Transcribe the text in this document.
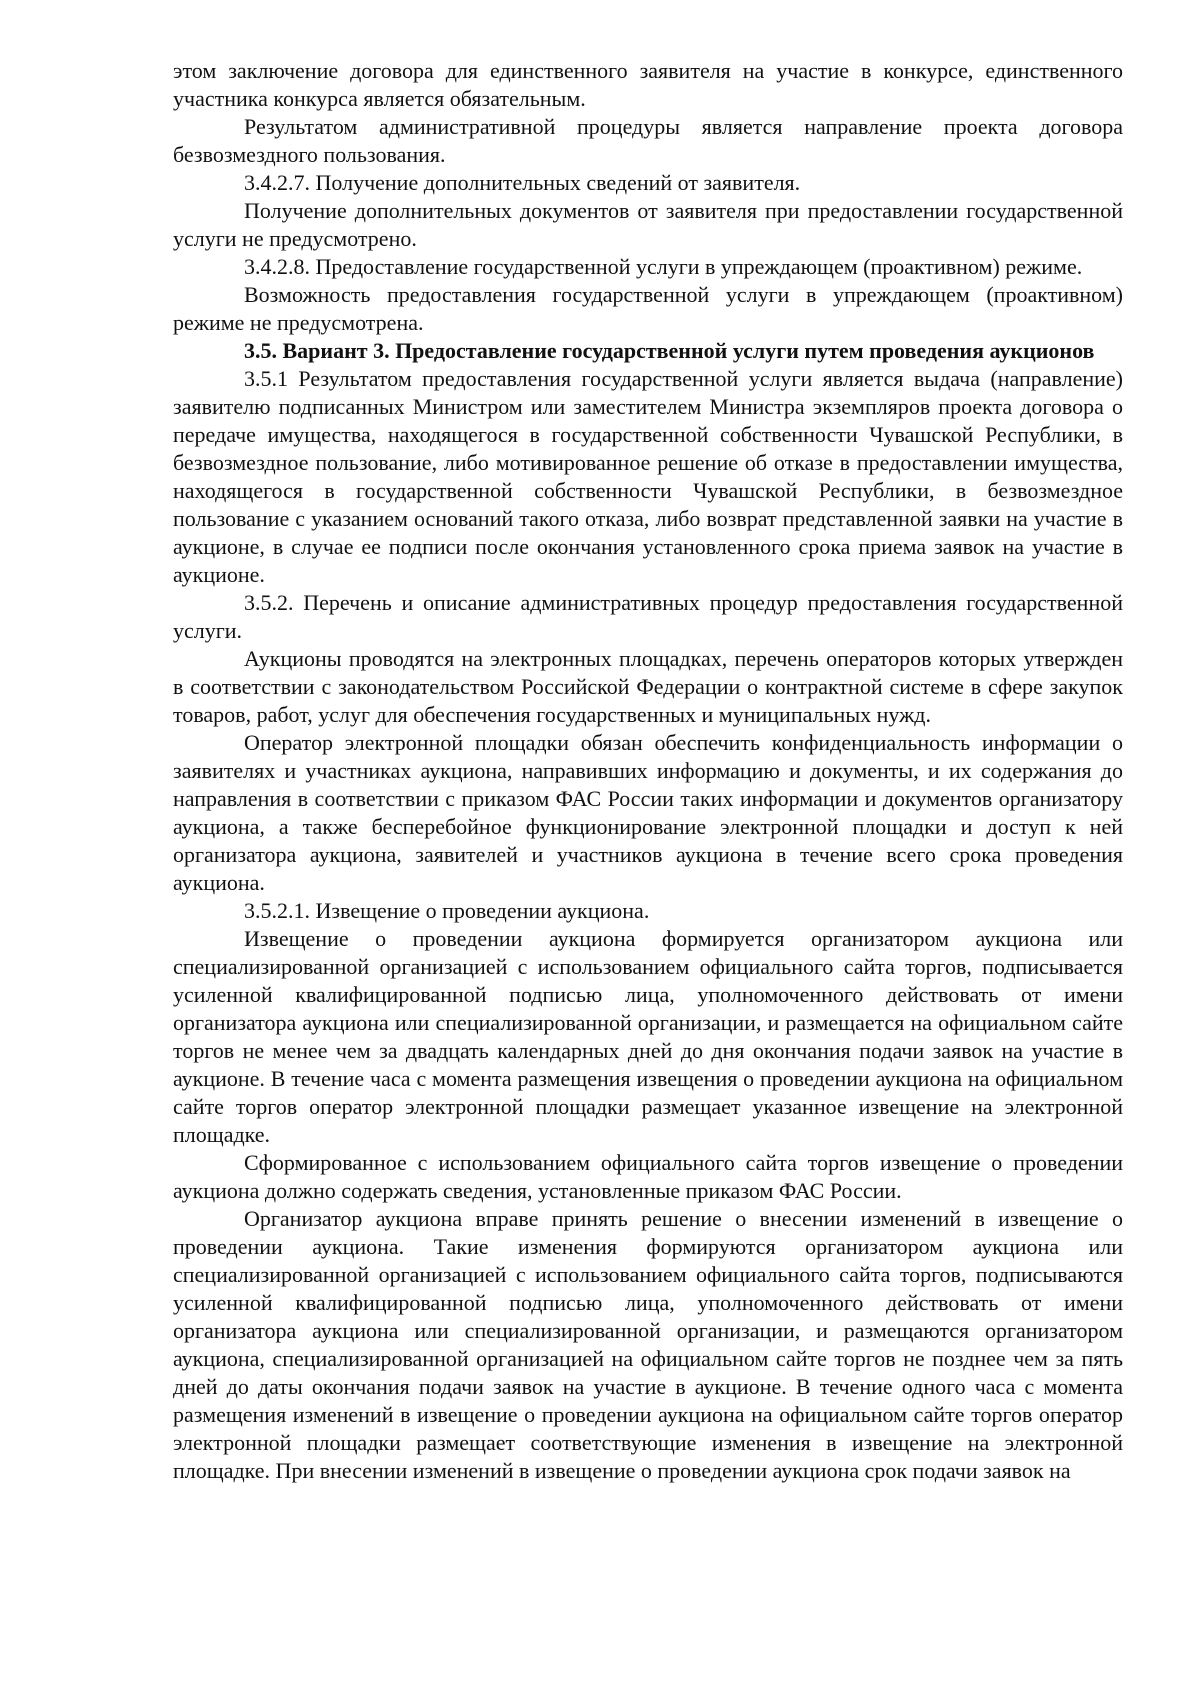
этом заключение договора для единственного заявителя на участие в конкурсе, единственного участника конкурса является обязательным.

Результатом административной процедуры является направление проекта договора безвозмездного пользования.

3.4.2.7. Получение дополнительных сведений от заявителя.

Получение дополнительных документов от заявителя при предоставлении государственной услуги не предусмотрено.

3.4.2.8. Предоставление государственной услуги в упреждающем (проактивном) режиме.

Возможность предоставления государственной услуги в упреждающем (проактивном) режиме не предусмотрена.

3.5. Вариант 3. Предоставление государственной услуги путем проведения аукционов

3.5.1 Результатом предоставления государственной услуги является выдача (направление) заявителю подписанных Министром или заместителем Министра экземпляров проекта договора о передаче имущества, находящегося в государственной собственности Чувашской Республики, в безвозмездное пользование, либо мотивированное решение об отказе в предоставлении имущества, находящегося в государственной собственности Чувашской Республики, в безвозмездное пользование с указанием оснований такого отказа, либо возврат представленной заявки на участие в аукционе, в случае ее подписи после окончания установленного срока приема заявок на участие в аукционе.

3.5.2. Перечень и описание административных процедур предоставления государственной услуги.

Аукционы проводятся на электронных площадках, перечень операторов которых утвержден в соответствии с законодательством Российской Федерации о контрактной системе в сфере закупок товаров, работ, услуг для обеспечения государственных и муниципальных нужд.

Оператор электронной площадки обязан обеспечить конфиденциальность информации о заявителях и участниках аукциона, направивших информацию и документы, и их содержания до направления в соответствии с приказом ФАС России таких информации и документов организатору аукциона, а также бесперебойное функционирование электронной площадки и доступ к ней организатора аукциона, заявителей и участников аукциона в течение всего срока проведения аукциона.

3.5.2.1. Извещение о проведении аукциона.

Извещение о проведении аукциона формируется организатором аукциона или специализированной организацией с использованием официального сайта торгов, подписывается усиленной квалифицированной подписью лица, уполномоченного действовать от имени организатора аукциона или специализированной организации, и размещается на официальном сайте торгов не менее чем за двадцать календарных дней до дня окончания подачи заявок на участие в аукционе. В течение часа с момента размещения извещения о проведении аукциона на официальном сайте торгов оператор электронной площадки размещает указанное извещение на электронной площадке.

Сформированное с использованием официального сайта торгов извещение о проведении аукциона должно содержать сведения, установленные приказом ФАС России.

Организатор аукциона вправе принять решение о внесении изменений в извещение о проведении аукциона. Такие изменения формируются организатором аукциона или специализированной организацией с использованием официального сайта торгов, подписываются усиленной квалифицированной подписью лица, уполномоченного действовать от имени организатора аукциона или специализированной организации, и размещаются организатором аукциона, специализированной организацией на официальном сайте торгов не позднее чем за пять дней до даты окончания подачи заявок на участие в аукционе. В течение одного часа с момента размещения изменений в извещение о проведении аукциона на официальном сайте торгов оператор электронной площадки размещает соответствующие изменения в извещение на электронной площадке. При внесении изменений в извещение о проведении аукциона срок подачи заявок на
